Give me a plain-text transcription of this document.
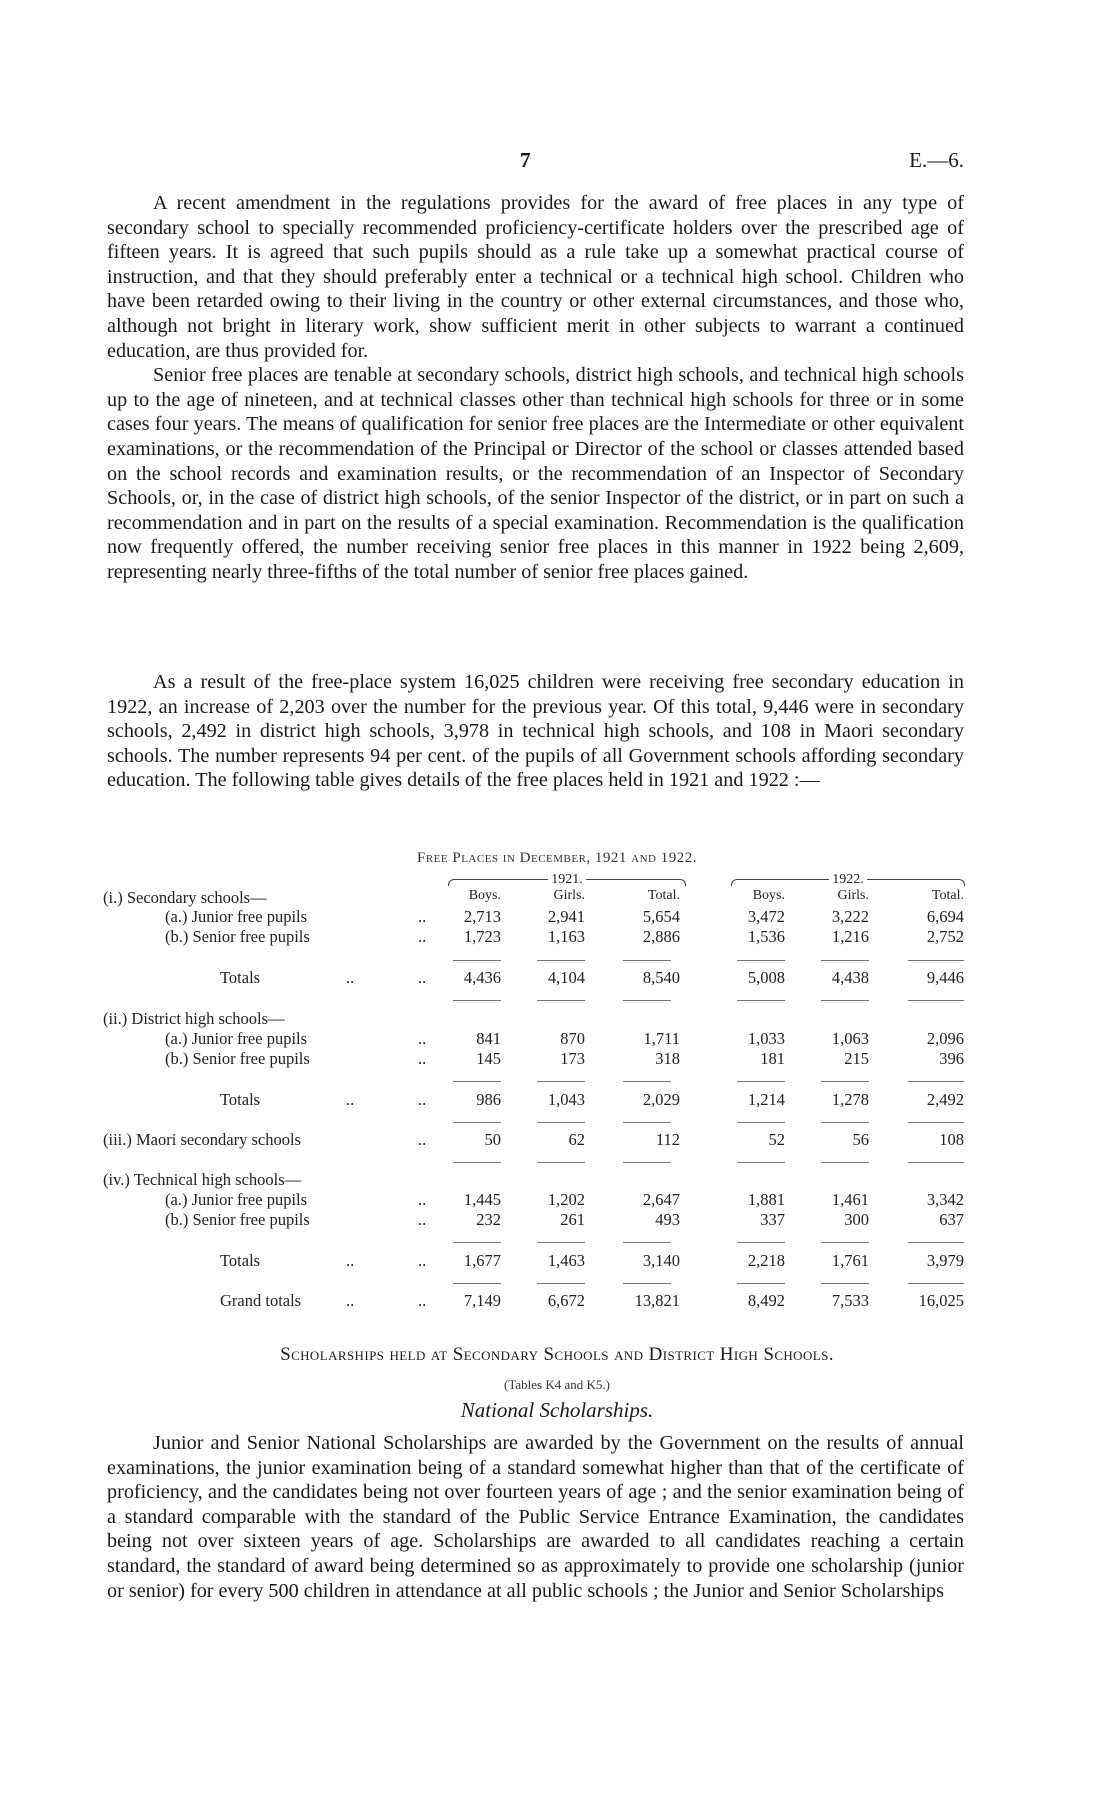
7	E.—6.

A recent amendment in the regulations provides for the award of free places in any type of secondary school to specially recommended proficiency-certificate holders over the prescribed age of fifteen years. It is agreed that such pupils should as a rule take up a somewhat practical course of instruction, and that they should preferably enter a technical or a technical high school. Children who have been retarded owing to their living in the country or other external circumstances, and those who, although not bright in literary work, show sufficient merit in other subjects to warrant a continued education, are thus provided for.

Senior free places are tenable at secondary schools, district high schools, and technical high schools up to the age of nineteen, and at technical classes other than technical high schools for three or in some cases four years. The means of qualification for senior free places are the Intermediate or other equivalent examinations, or the recommendation of the Principal or Director of the school or classes attended based on the school records and examination results, or the recommendation of an Inspector of Secondary Schools, or, in the case of district high schools, of the senior Inspector of the district, or in part on such a recommendation and in part on the results of a special examination. Recommendation is the qualification now frequently offered, the number receiving senior free places in this manner in 1922 being 2,609, representing nearly three-fifths of the total number of senior free places gained.

As a result of the free-place system 16,025 children were receiving free secondary education in 1922, an increase of 2,203 over the number for the previous year. Of this total, 9,446 were in secondary schools, 2,492 in district high schools, 3,978 in technical high schools, and 108 in Maori secondary schools. The number represents 94 per cent. of the pupils of all Government schools affording secondary education. The following table gives details of the free places held in 1921 and 1922 :—

Free Places in December, 1921 and 1922.
1921.	1922.
(i.) Secondary schools—	Boys.	Girls.	Total.	Boys.	Girls.	Total.
(a.) Junior free pupils	..	2,713	2,941	5,654	3,472	3,222	6,694
(b.) Senior free pupils	..	1,723	1,163	2,886	1,536	1,216	2,752
Totals	..	..	4,436	4,104	8,540	5,008	4,438	9,446
(ii.) District high schools—
(a.) Junior free pupils	..	841	870	1,711	1,033	1,063	2,096
(b.) Senior free pupils	..	145	173	318	181	215	396
Totals	..	..	986	1,043	2,029	1,214	1,278	2,492
(iii.) Maori secondary schools	..	50	62	112	52	56	108
(iv.) Technical high schools—
(a.) Junior free pupils	..	1,445	1,202	2,647	1,881	1,461	3,342
(b.) Senior free pupils	..	232	261	493	337	300	637
Totals	..	..	1,677	1,463	3,140	2,218	1,761	3,979
Grand totals	..	..	7,149	6,672	13,821	8,492	7,533	16,025
Scholarships held at Secondary Schools and District High Schools.
(Tables K4 and K5.)
National Scholarships.

Junior and Senior National Scholarships are awarded by the Government on the results of annual examinations, the junior examination being of a standard somewhat higher than that of the certificate of proficiency, and the candidates being not over fourteen years of age ; and the senior examination being of a standard comparable with the standard of the Public Service Entrance Examination, the candidates being not over sixteen years of age. Scholarships are awarded to all candidates reaching a certain standard, the standard of award being determined so as approximately to provide one scholarship (junior or senior) for every 500 children in attendance at all public schools ; the Junior and Senior Scholarships
